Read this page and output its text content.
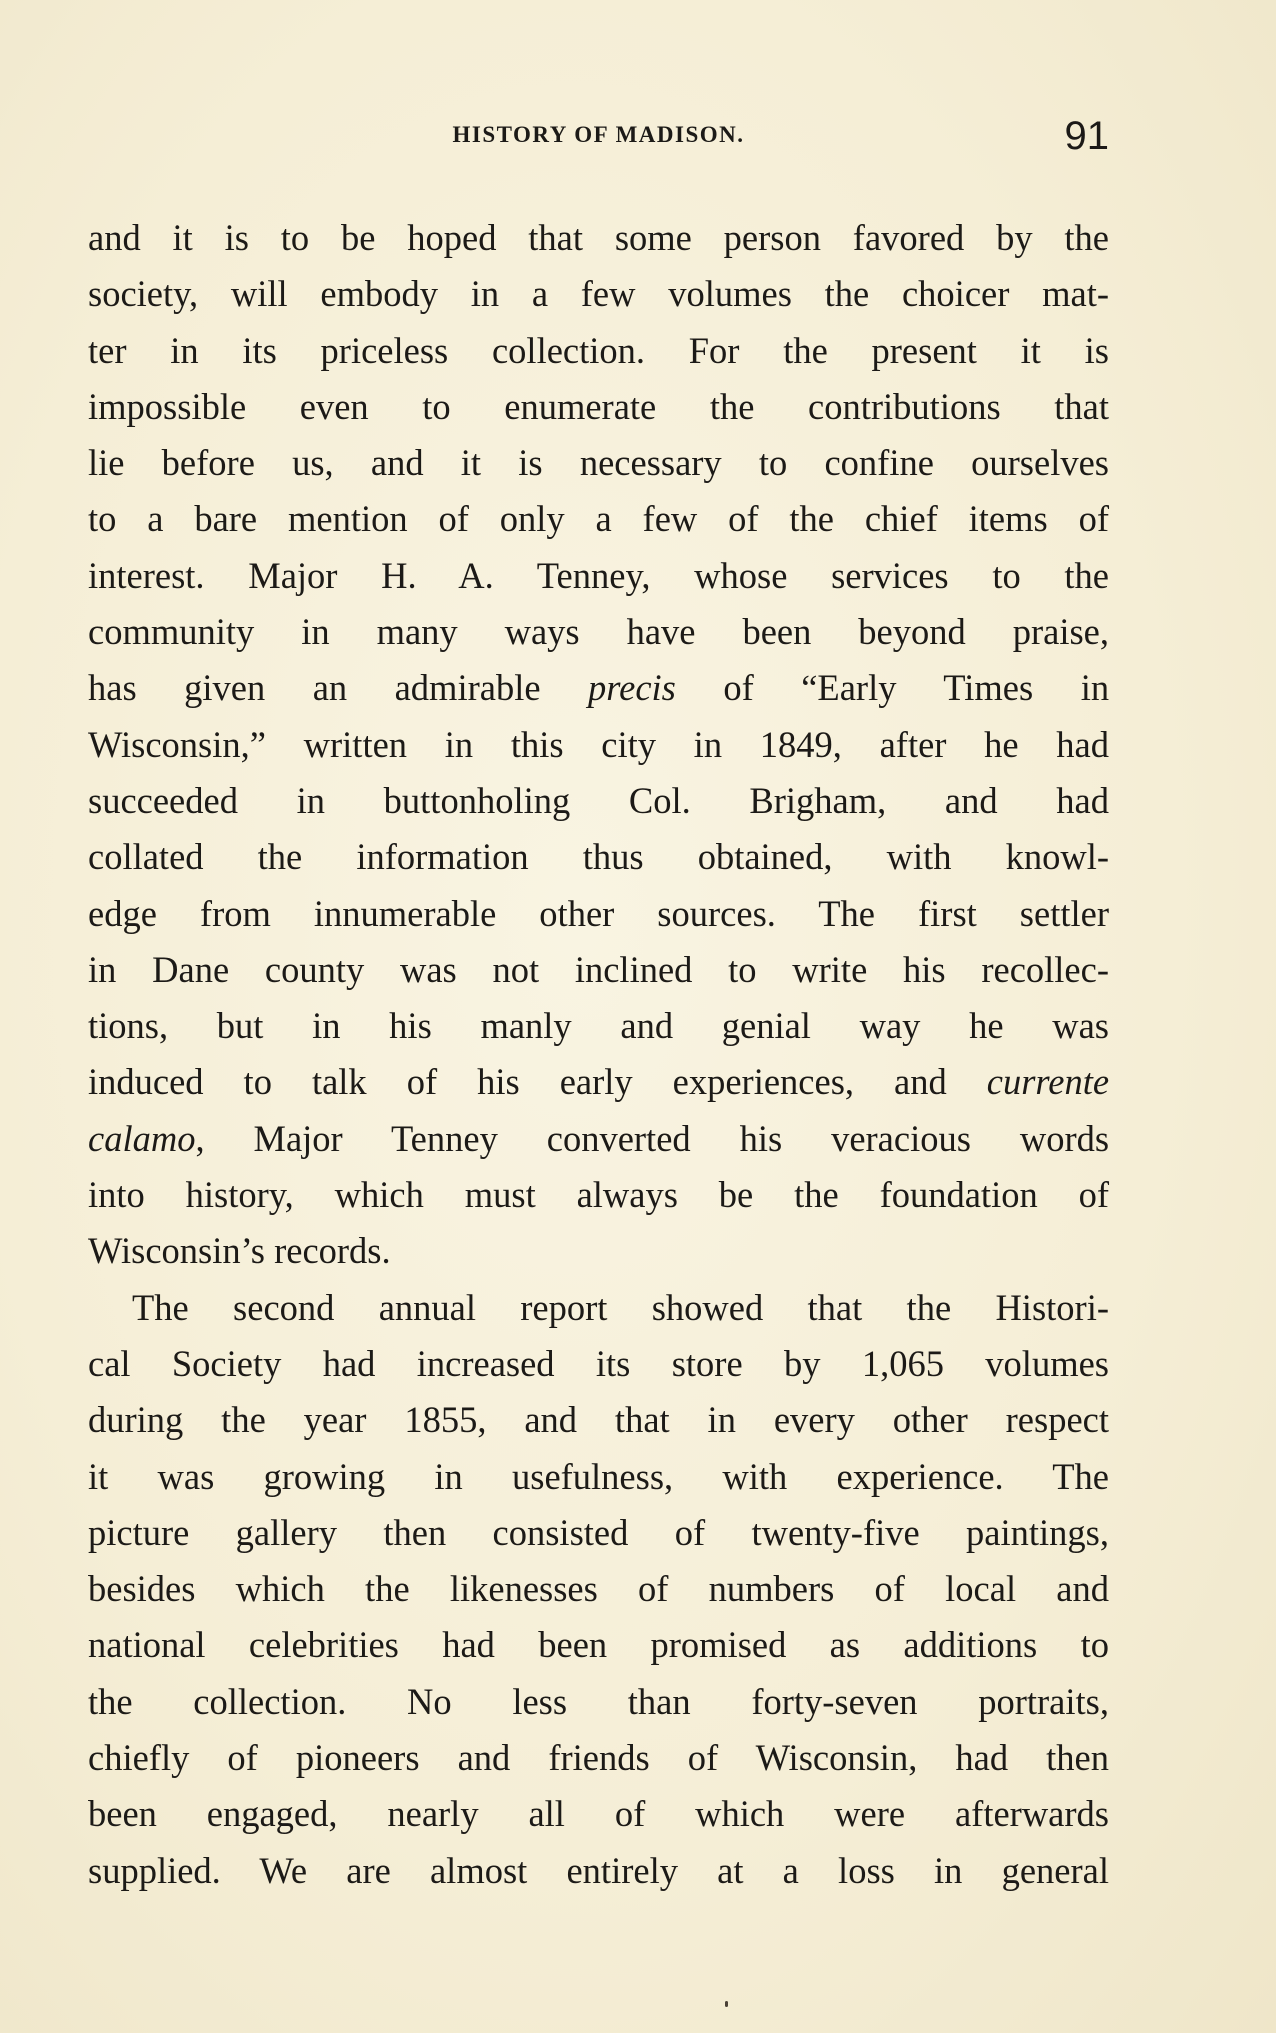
HISTORY OF MADISON.	91
and it is to be hoped that some person favored by the
society, will embody in a few volumes the choicer mat-
ter in its priceless collection. For the present it is
impossible even to enumerate the contributions that
lie before us, and it is necessary to confine ourselves
to a bare mention of only a few of the chief items of
interest. Major H. A. Tenney, whose services to the
community in many ways have been beyond praise,
has given an admirable precis of “Early Times in
Wisconsin,” written in this city in 1849, after he had
succeeded in buttonholing Col. Brigham, and had
collated the information thus obtained, with knowl-
edge from innumerable other sources. The first settler
in Dane county was not inclined to write his recollec-
tions, but in his manly and genial way he was
induced to talk of his early experiences, and currente
calamo, Major Tenney converted his veracious words
into history, which must always be the foundation of
Wisconsin’s records.
The second annual report showed that the Histori-
cal Society had increased its store by 1,065 volumes
during the year 1855, and that in every other respect
it was growing in usefulness, with experience. The
picture gallery then consisted of twenty-five paintings,
besides which the likenesses of numbers of local and
national celebrities had been promised as additions to
the collection. No less than forty-seven portraits,
chiefly of pioneers and friends of Wisconsin, had then
been engaged, nearly all of which were afterwards
supplied. We are almost entirely at a loss in general
